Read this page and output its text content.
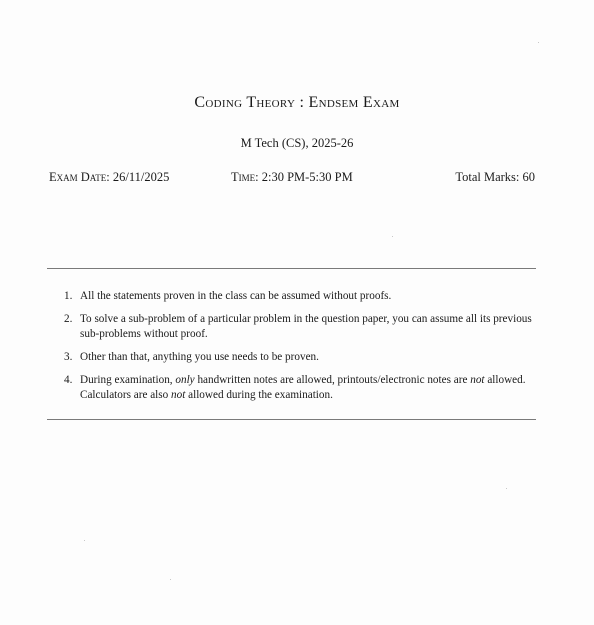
Coding Theory : Endsem Exam
M Tech (CS), 2025-26
Exam Date: 26/11/2025	Time: 2:30 PM-5:30 PM	Total Marks: 60
1. All the statements proven in the class can be assumed without proofs.
2. To solve a sub-problem of a particular problem in the question paper, you can assume all its previous sub-problems without proof.
3. Other than that, anything you use needs to be proven.
4. During examination, only handwritten notes are allowed, printouts/electronic notes are not allowed. Calculators are also not allowed during the examination.
